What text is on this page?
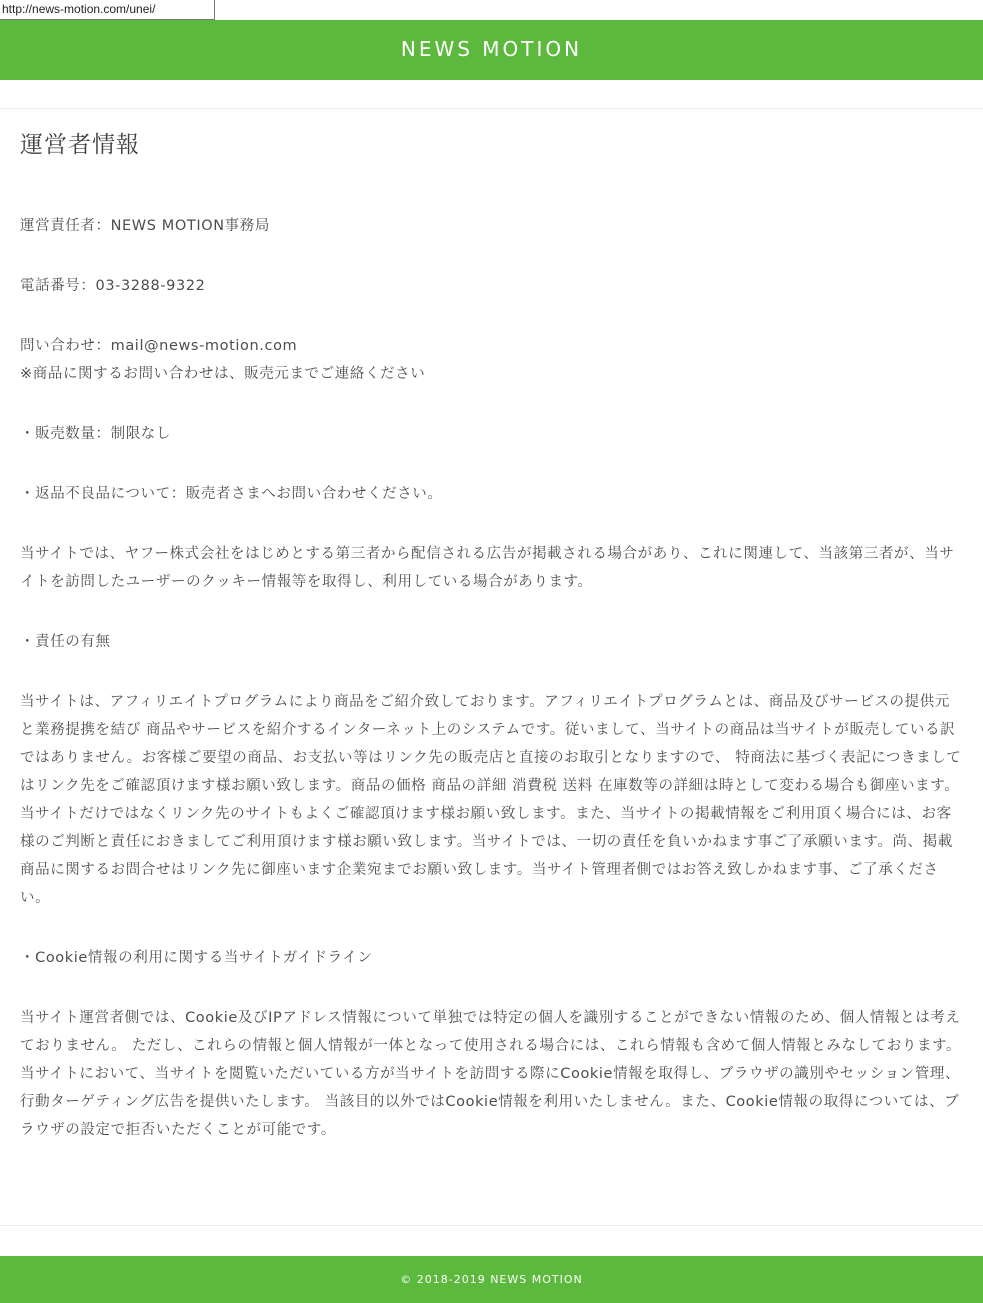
http://news-motion.com/unei/
NEWS MOTION
運営者情報

運営責任者：NEWS MOTION事務局

電話番号：03-3288-9322

問い合わせ：mail@news-motion.com
※商品に関するお問い合わせは、販売元までご連絡ください

・販売数量：制限なし

・返品不良品について：販売者さまへお問い合わせください。

当サイトでは、ヤフー株式会社をはじめとする第三者から配信される広告が掲載される場合があり、これに関連して、当該第三者が、当サイトを訪問したユーザーのクッキー情報等を取得し、利用している場合があります。

・責任の有無

当サイトは、アフィリエイトプログラムにより商品をご紹介致しております。アフィリエイトプログラムとは、商品及びサービスの提供元と業務提携を結び 商品やサービスを紹介するインターネット上のシステムです。従いまして、当サイトの商品は当サイトが販売している訳ではありません。お客様ご要望の商品、お支払い等はリンク先の販売店と直接のお取引となりますので、 特商法に基づく表記につきましてはリンク先をご確認頂けます様お願い致します。商品の価格 商品の詳細 消費税 送料 在庫数等の詳細は時として変わる場合も御座います。当サイトだけではなくリンク先のサイトもよくご確認頂けます様お願い致します。また、当サイトの掲載情報をご利用頂く場合には、お客様のご判断と責任におきましてご利用頂けます様お願い致します。当サイトでは、一切の責任を負いかねます事ご了承願います。尚、掲載商品に関するお問合せはリンク先に御座います企業宛までお願い致します。当サイト管理者側ではお答え致しかねます事、ご了承ください。

・Cookie情報の利用に関する当サイトガイドライン

当サイト運営者側では、Cookie及びIPアドレス情報について単独では特定の個人を識別することができない情報のため、個人情報とは考えておりません。 ただし、これらの情報と個人情報が一体となって使用される場合には、これら情報も含めて個人情報とみなしております。 当サイトにおいて、当サイトを閲覧いただいている方が当サイトを訪問する際にCookie情報を取得し、ブラウザの識別やセッション管理、行動ターゲティング広告を提供いたします。 当該目的以外ではCookie情報を利用いたしません。また、Cookie情報の取得については、ブラウザの設定で拒否いただくことが可能です。

© 2018-2019 NEWS MOTION
